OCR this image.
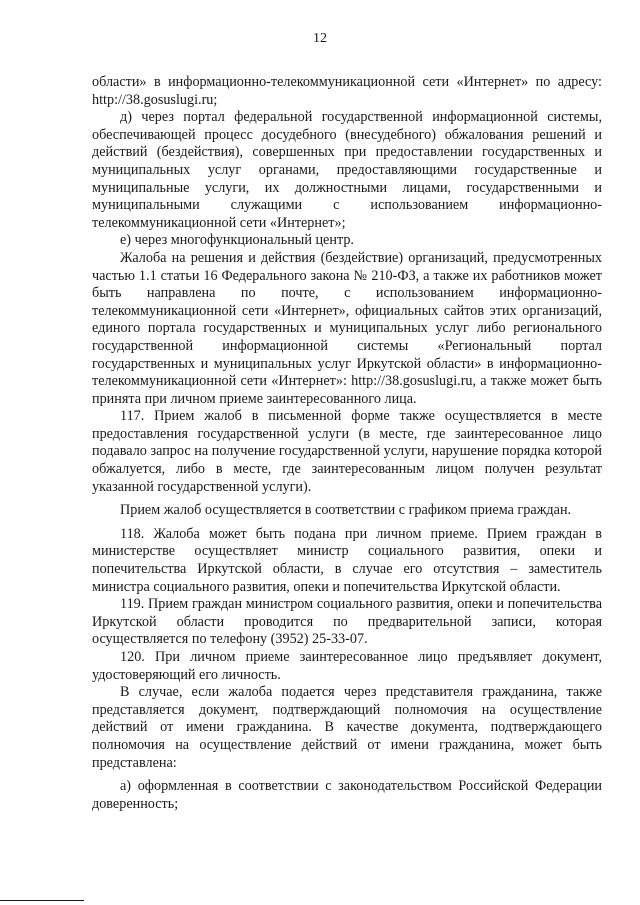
12

области» в информационно-телекоммуникационной сети «Интернет» по адресу: http://38.gosuslugi.ru;

д) через портал федеральной государственной информационной системы, обеспечивающей процесс досудебного (внесудебного) обжалования решений и действий (бездействия), совершенных при предоставлении государственных и муниципальных услуг органами, предоставляющими государственные и муниципальные услуги, их должностными лицами, государственными и муниципальными служащими с использованием информационно-телекоммуникационной сети «Интернет»;

е) через многофункциональный центр.

Жалоба на решения и действия (бездействие) организаций, предусмотренных частью 1.1 статьи 16 Федерального закона № 210-ФЗ, а также их работников может быть направлена по почте, с использованием информационно-телекоммуникационной сети «Интернет», официальных сайтов этих организаций, единого портала государственных и муниципальных услуг либо регионального государственной информационной системы «Региональный портал государственных и муниципальных услуг Иркутской области» в информационно-телекоммуникационной сети «Интернет»: http://38.gosuslugi.ru, а также может быть принята при личном приеме заинтересованного лица.

117. Прием жалоб в письменной форме также осуществляется в месте предоставления государственной услуги (в месте, где заинтересованное лицо подавало запрос на получение государственной услуги, нарушение порядка которой обжалуется, либо в месте, где заинтересованным лицом получен результат указанной государственной услуги).

Прием жалоб осуществляется в соответствии с графиком приема граждан.

118. Жалоба может быть подана при личном приеме. Прием граждан в министерстве осуществляет министр социального развития, опеки и попечительства Иркутской области, в случае его отсутствия – заместитель министра социального развития, опеки и попечительства Иркутской области.

119. Прием граждан министром социального развития, опеки и попечительства Иркутской области проводится по предварительной записи, которая осуществляется по телефону (3952) 25-33-07.

120. При личном приеме заинтересованное лицо предъявляет документ, удостоверяющий его личность.

В случае, если жалоба подается через представителя гражданина, также представляется документ, подтверждающий полномочия на осуществление действий от имени гражданина. В качестве документа, подтверждающего полномочия на осуществление действий от имени гражданина, может быть представлена:

а) оформленная в соответствии с законодательством Российской Федерации доверенность;
